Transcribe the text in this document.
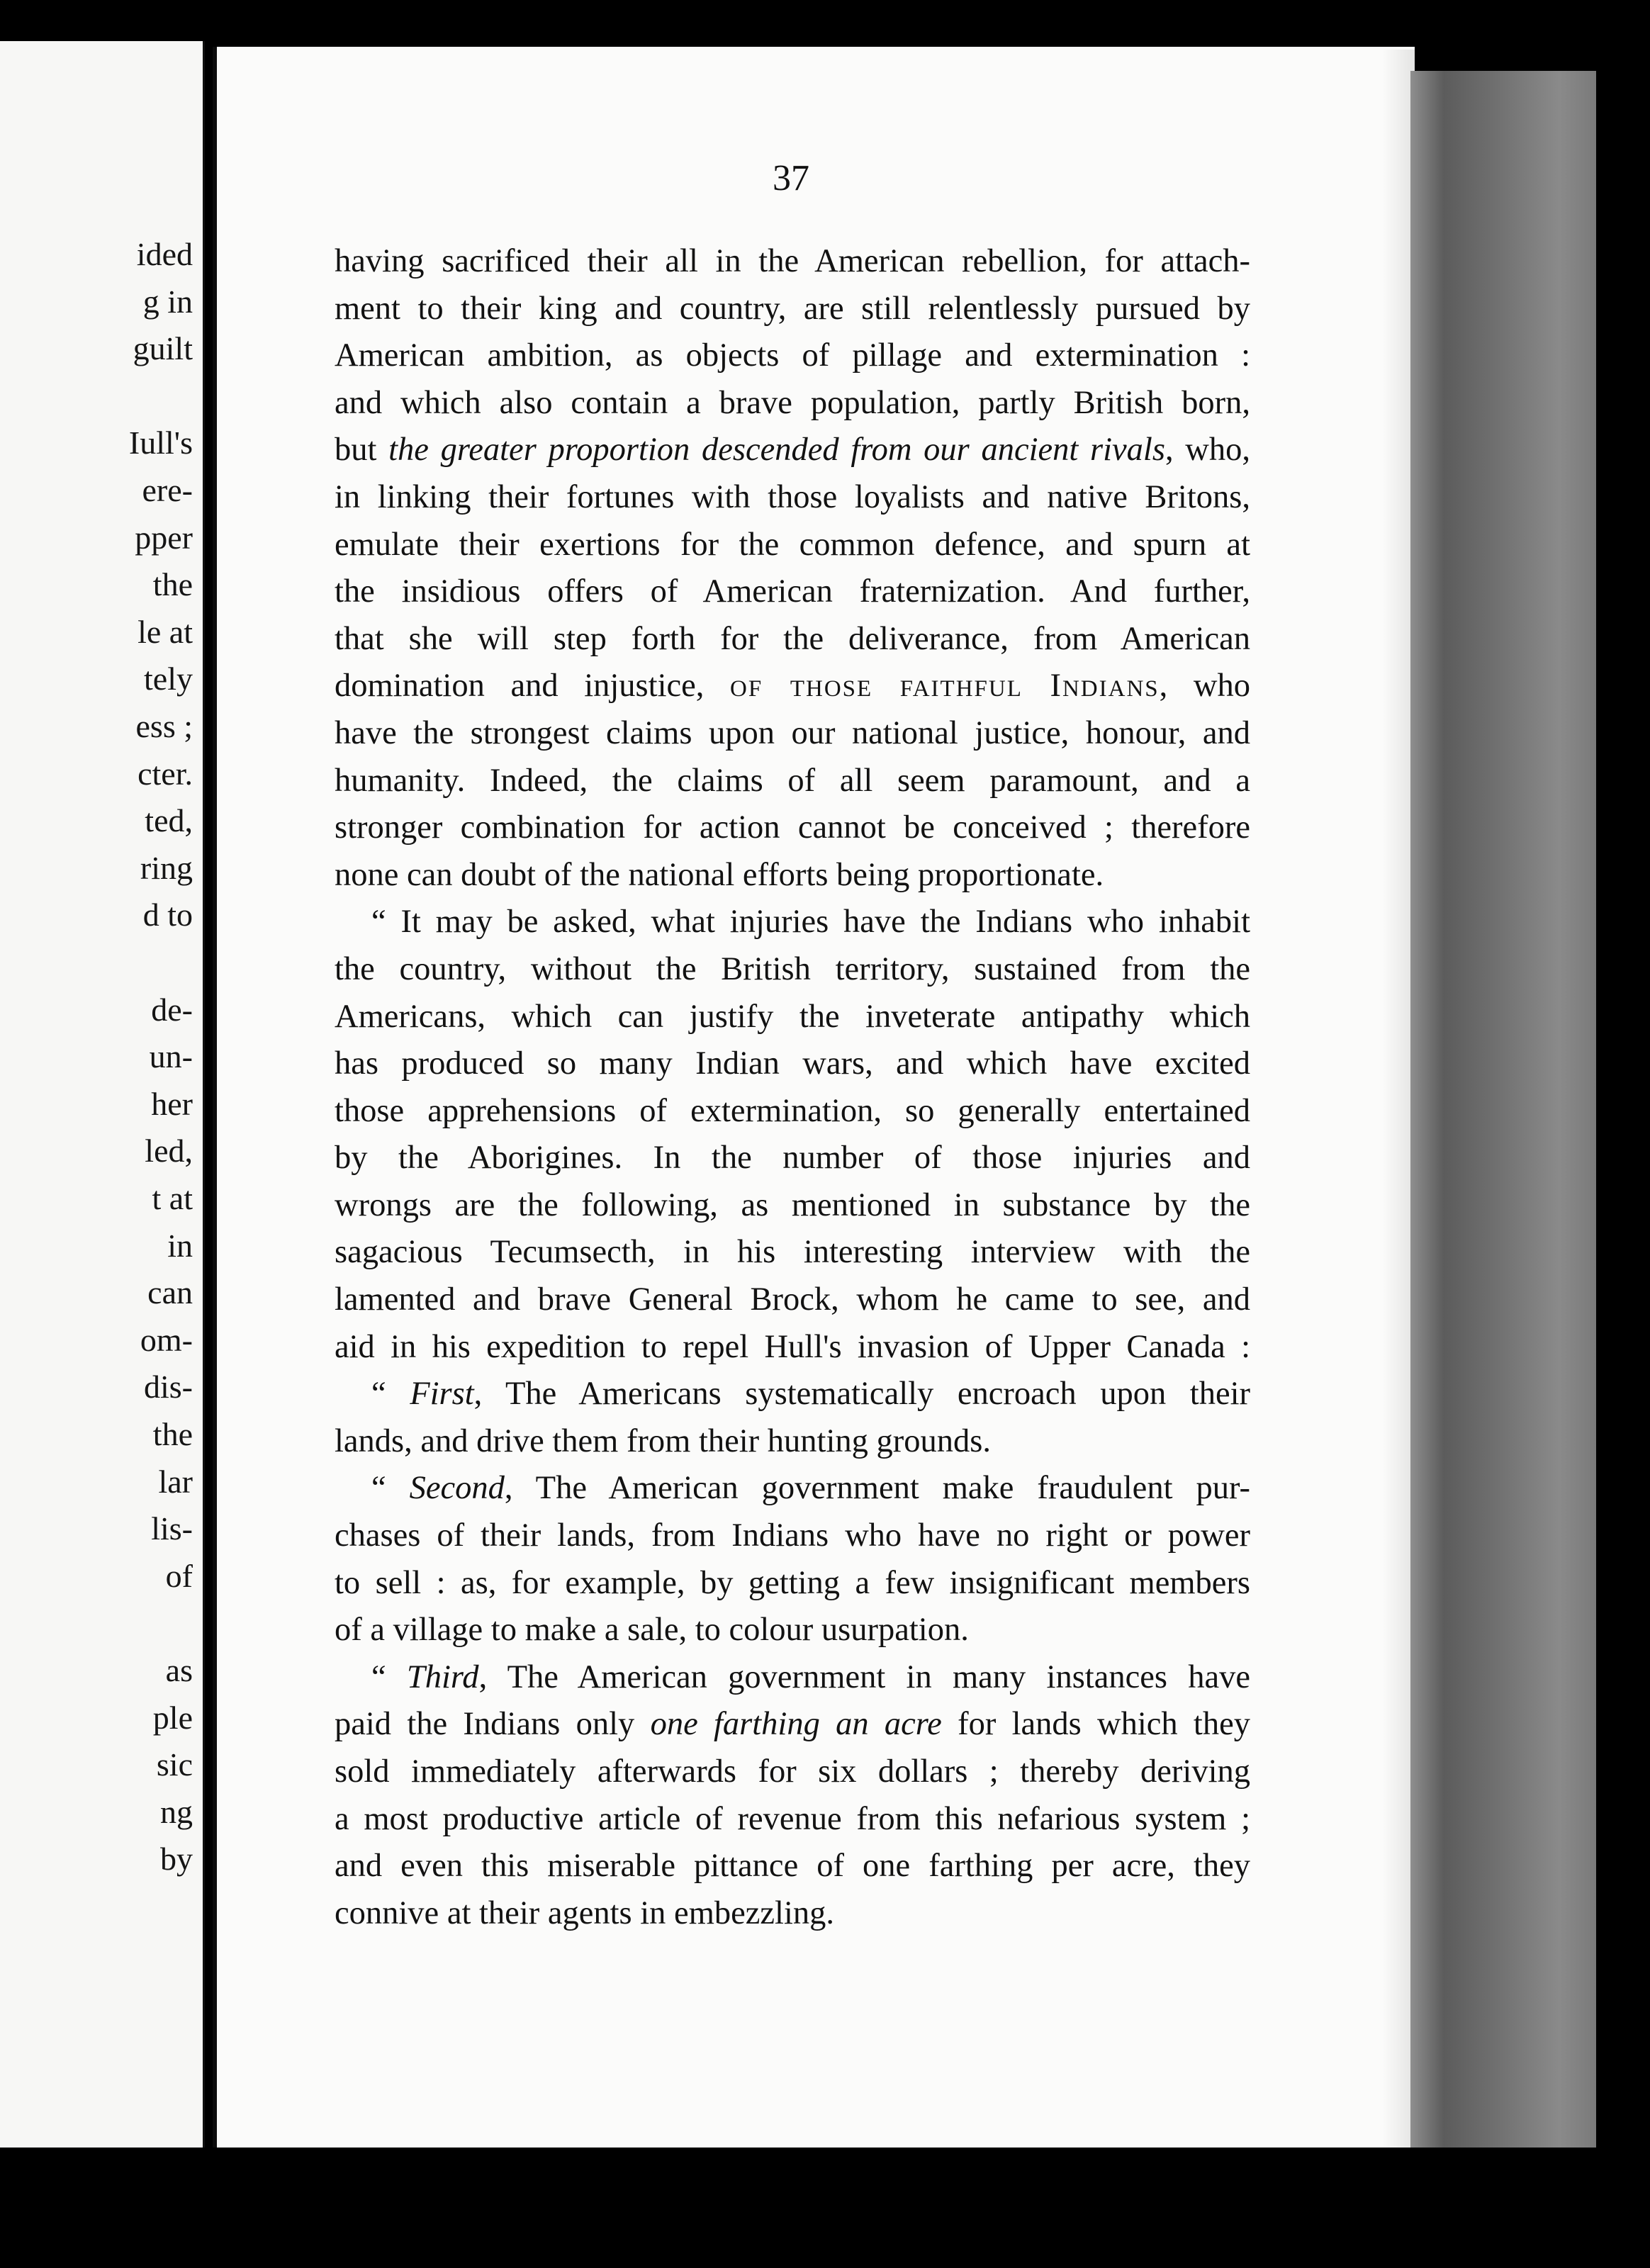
ided
g in
guilt
Iull's
ere-
pper
the
le at
tely
ess ;
cter.
ted,
ring
d to
de-
un-
her
led,
t at
in
can
om-
dis-
the
lar
lis-
of
as
ple
sic
ng
by
37
having sacrificed their all in the American rebellion, for attach-
ment to their king and country, are still relentlessly pursued by
American ambition, as objects of pillage and extermination :
and which also contain a brave population, partly British born,
but the greater proportion descended from our ancient rivals, who,
in linking their fortunes with those loyalists and native Britons,
emulate their exertions for the common defence, and spurn at
the insidious offers of American fraternization. And further,
that she will step forth for the deliverance, from American
domination and injustice, of those faithful Indians, who
have the strongest claims upon our national justice, honour, and
humanity. Indeed, the claims of all seem paramount, and a
stronger combination for action cannot be conceived ; therefore
none can doubt of the national efforts being proportionate.
“ It may be asked, what injuries have the Indians who inhabit
the country, without the British territory, sustained from the
Americans, which can justify the inveterate antipathy which
has produced so many Indian wars, and which have excited
those apprehensions of extermination, so generally entertained
by the Aborigines. In the number of those injuries and
wrongs are the following, as mentioned in substance by the
sagacious Tecumsecth, in his interesting interview with the
lamented and brave General Brock, whom he came to see, and
aid in his expedition to repel Hull's invasion of Upper Canada :
“ First, The Americans systematically encroach upon their
lands, and drive them from their hunting grounds.
“ Second, The American government make fraudulent pur-
chases of their lands, from Indians who have no right or power
to sell : as, for example, by getting a few insignificant members
of a village to make a sale, to colour usurpation.
“ Third, The American government in many instances have
paid the Indians only one farthing an acre for lands which they
sold immediately afterwards for six dollars ; thereby deriving
a most productive article of revenue from this nefarious system ;
and even this miserable pittance of one farthing per acre, they
connive at their agents in embezzling.
